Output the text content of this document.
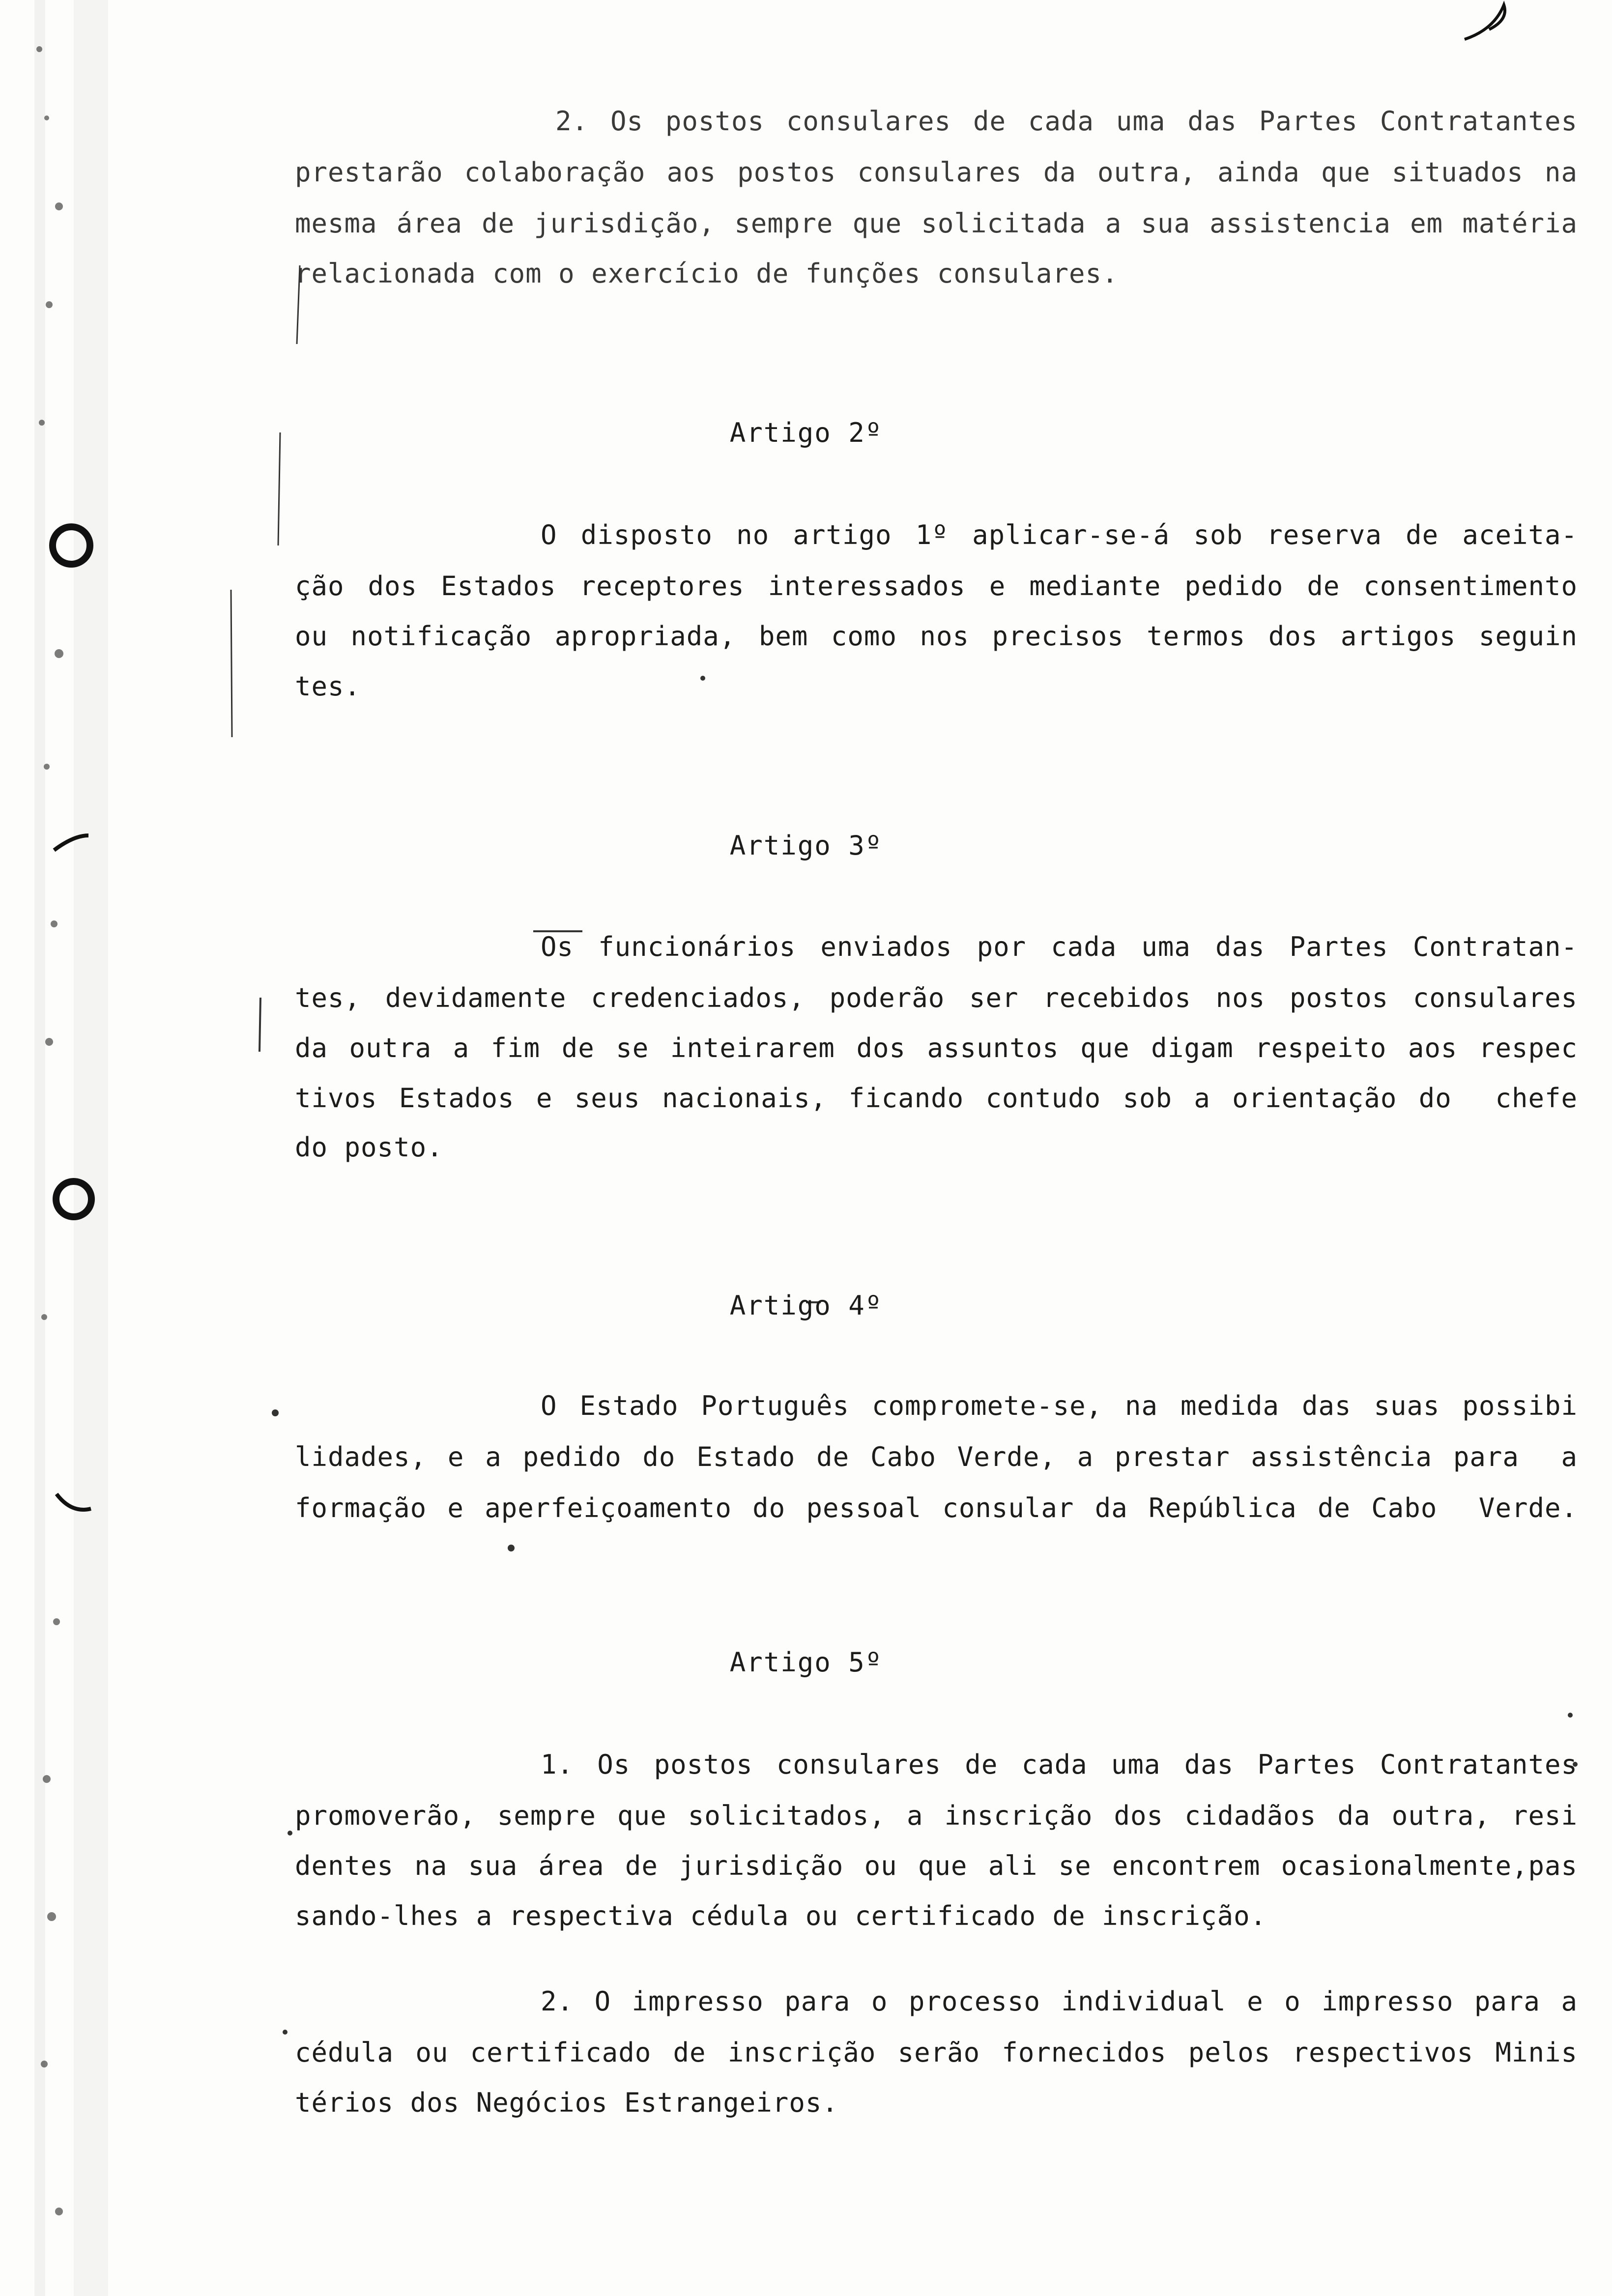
2. Os postos consulares de cada uma das Partes Contratantes
prestarão colaboração aos postos consulares da outra, ainda que situados na
mesma área de jurisdição, sempre que solicitada a sua assistencia em matéria
relacionada com o exercício de funções consulares.
Artigo 2º
O disposto no artigo 1º aplicar-se-á sob reserva de aceita-
ção dos Estados receptores interessados e mediante pedido de consentimento
ou notificação apropriada, bem como nos precisos termos dos artigos seguin
tes.
Artigo 3º
Os funcionários enviados por cada uma das Partes Contratan-
tes, devidamente credenciados, poderão ser recebidos nos postos consulares
da outra a fim de se inteirarem dos assuntos que digam respeito aos respec
tivos Estados e seus nacionais, ficando contudo sob a orientação do  chefe
do posto.
Artigo 4º
O Estado Português compromete-se, na medida das suas possibi
lidades, e a pedido do Estado de Cabo Verde, a prestar assistência para  a
formação e aperfeiçoamento do pessoal consular da República de Cabo  Verde.
Artigo 5º
1. Os postos consulares de cada uma das Partes Contratantes
promoverão, sempre que solicitados, a inscrição dos cidadãos da outra, resi
dentes na sua área de jurisdição ou que ali se encontrem ocasionalmente,pas
sando-lhes a respectiva cédula ou certificado de inscrição.
2. O impresso para o processo individual e o impresso para a
cédula ou certificado de inscrição serão fornecidos pelos respectivos Minis
térios dos Negócios Estrangeiros.
